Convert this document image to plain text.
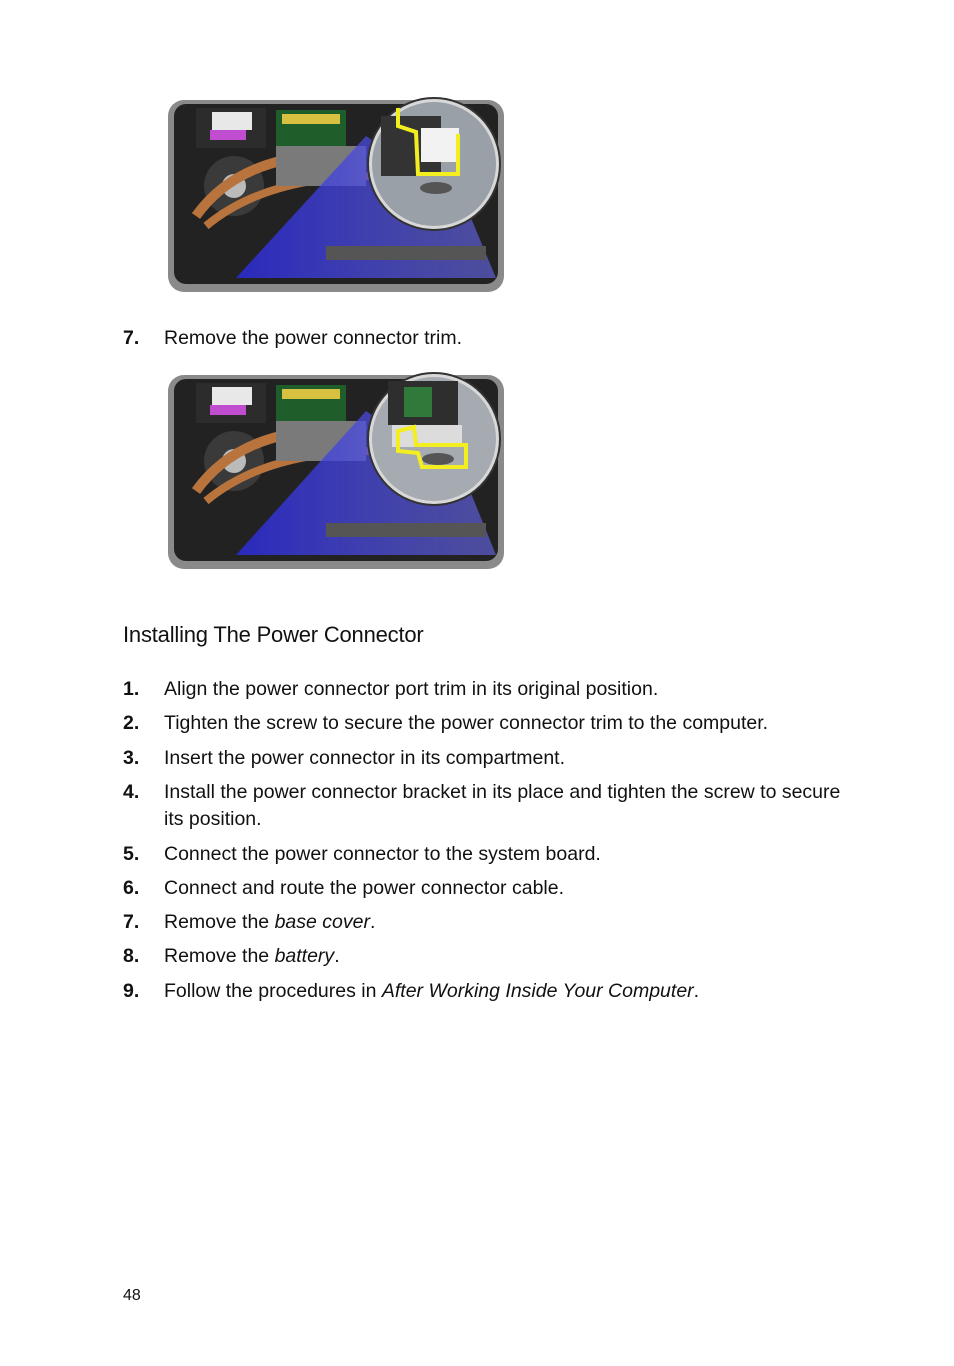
7.	Remove the power connector trim.
Installing The Power Connector
1.	Align the power connector port trim in its original position.
2.	Tighten the screw to secure the power connector trim to the computer.
3.	Insert the power connector in its compartment.
4.	Install the power connector bracket in its place and tighten the screw to secure its position.
5.	Connect the power connector to the system board.
6.	Connect and route the power connector cable.
7.	Remove the base cover.
8.	Remove the battery.
9.	Follow the procedures in After Working Inside Your Computer.
48
